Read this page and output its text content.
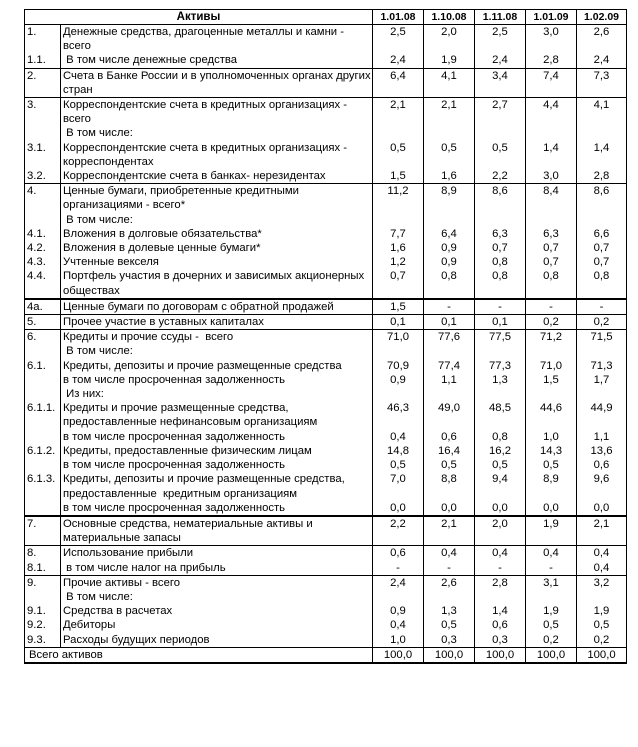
Активы		1.01.08	1.10.08	1.11.08	1.01.09	1.02.09
1.	Денежные средства, драгоценные металлы и камни - всего	2,5	2,0	2,5	3,0	2,6
1.1.	В том числе денежные средства	2,4	1,9	2,4	2,8	2,4
2.	Счета в Банке России и в уполномоченных органах других стран	6,4	4,1	3,4	7,4	7,3
3.	Корреспондентские счета в кредитных организациях - всего	2,1	2,1	2,7	4,4	4,1
	В том числе:					
3.1.	Корреспондентские счета в кредитных организациях - корреспондентах	0,5	0,5	0,5	1,4	1,4
3.2.	Корреспондентские счета в банках- нерезидентах	1,5	1,6	2,2	3,0	2,8
4.	Ценные бумаги, приобретенные кредитными организациями - всего*	11,2	8,9	8,6	8,4	8,6
	В том числе:					
4.1.	Вложения в долговые обязательства*	7,7	6,4	6,3	6,3	6,6
4.2.	Вложения в долевые ценные бумаги*	1,6	0,9	0,7	0,7	0,7
4.3.	Учтенные векселя	1,2	0,9	0,8	0,7	0,7
4.4.	Портфель участия в дочерних и зависимых акционерных обществах	0,7	0,8	0,8	0,8	0,8
4а.	Ценные бумаги по договорам с обратной продажей	1,5	-	-	-	-
5.	Прочее участие в уставных капиталах	0,1	0,1	0,1	0,2	0,2
6.	Кредиты и прочие ссуды -  всего	71,0	77,6	77,5	71,2	71,5
	В том числе:					
6.1.	Кредиты, депозиты и прочие размещенные средства	70,9	77,4	77,3	71,0	71,3
	в том числе просроченная задолженность	0,9	1,1	1,3	1,5	1,7
	Из них:					
6.1.1.	Кредиты и прочие размещенные средства, предоставленные нефинансовым организациям	46,3	49,0	48,5	44,6	44,9
	в том числе просроченная задолженность	0,4	0,6	0,8	1,0	1,1
6.1.2.	Кредиты, предоставленные физическим лицам	14,8	16,4	16,2	14,3	13,6
	в том числе просроченная задолженность	0,5	0,5	0,5	0,5	0,6
6.1.3.	Кредиты, депозиты и прочие размещенные средства, предоставленные  кредитным организациям	7,0	8,8	9,4	8,9	9,6
	в том числе просроченная задолженность	0,0	0,0	0,0	0,0	0,0
7.	Основные средства, нематериальные активы и материальные запасы	2,2	2,1	2,0	1,9	2,1
8.	Использование прибыли	0,6	0,4	0,4	0,4	0,4
8.1.	в том числе налог на прибыль	-	-	-	-	0,4
9.	Прочие активы - всего	2,4	2,6	2,8	3,1	3,2
	В том числе:					
9.1.	Средства в расчетах	0,9	1,3	1,4	1,9	1,9
9.2.	Дебиторы	0,4	0,5	0,6	0,5	0,5
9.3.	Расходы будущих периодов	1,0	0,3	0,3	0,2	0,2
Всего активов		100,0	100,0	100,0	100,0	100,0
